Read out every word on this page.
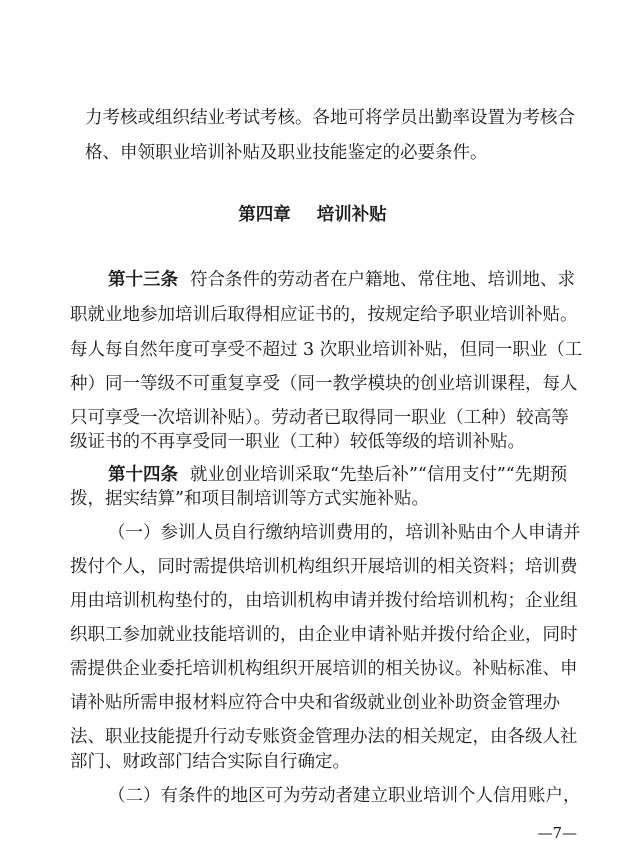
力考核或组织结业考试考核。各地可将学员出勤率设置为考核合

格、申领职业培训补贴及职业技能鉴定的必要条件。

第四章 培训补贴
第十三条 符合条件的劳动者在户籍地、常住地、培训地、求

职就业地参加培训后取得相应证书的，按规定给予职业培训补贴。

每人每自然年度可享受不超过 3 次职业培训补贴，但同一职业（工

种）同一等级不可重复享受（同一教学模块的创业培训课程，每人

只可享受一次培训补贴）。劳动者已取得同一职业（工种）较高等

级证书的不再享受同一职业（工种）较低等级的培训补贴。

第十四条 就业创业培训采取“先垫后补”“信用支付”“先期预

拨，据实结算”和项目制培训等方式实施补贴。

（一）参训人员自行缴纳培训费用的，培训补贴由个人申请并

拨付个人，同时需提供培训机构组织开展培训的相关资料；培训费

用由培训机构垫付的，由培训机构申请并拨付给培训机构；企业组

织职工参加就业技能培训的，由企业申请补贴并拨付给企业，同时

需提供企业委托培训机构组织开展培训的相关协议。补贴标准、申

请补贴所需申报材料应符合中央和省级就业创业补助资金管理办

法、职业技能提升行动专账资金管理办法的相关规定，由各级人社

部门、财政部门结合实际自行确定。

（二）有条件的地区可为劳动者建立职业培训个人信用账户，

—7—
